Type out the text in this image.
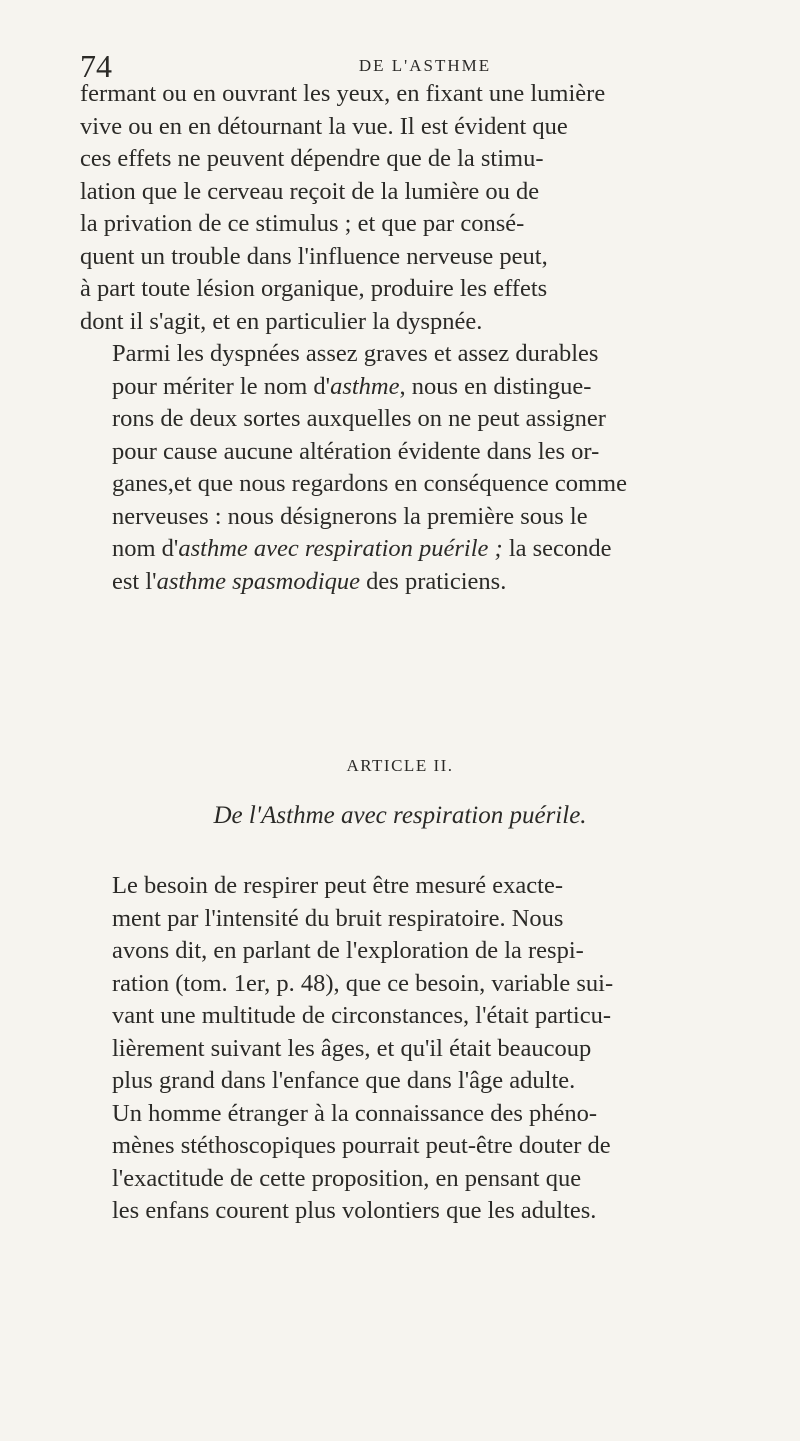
74	DE L'ASTHME

fermant ou en ouvrant les yeux, en fixant une lumière
vive ou en en détournant la vue. Il est évident que
ces effets ne peuvent dépendre que de la stimu-
lation que le cerveau reçoit de la lumière ou de
la privation de ce stimulus ; et que par consé-
quent un trouble dans l'influence nerveuse peut,
à part toute lésion organique, produire les effets
dont il s'agit, et en particulier la dyspnée.

Parmi les dyspnées assez graves et assez durables
pour mériter le nom d'asthme, nous en distingue-
rons de deux sortes auxquelles on ne peut assigner
pour cause aucune altération évidente dans les or-
ganes,et que nous regardons en conséquence comme
nerveuses : nous désignerons la première sous le
nom d'asthme avec respiration puérile ; la seconde
est l'asthme spasmodique des praticiens.

ARTICLE II.
De l'Asthme avec respiration puérile.

Le besoin de respirer peut être mesuré exacte-
ment par l'intensité du bruit respiratoire. Nous
avons dit, en parlant de l'exploration de la respi-
ration (tom. 1er, p. 48), que ce besoin, variable sui-
vant une multitude de circonstances, l'était particu-
lièrement suivant les âges, et qu'il était beaucoup
plus grand dans l'enfance que dans l'âge adulte.
Un homme étranger à la connaissance des phéno-
mènes stéthoscopiques pourrait peut-être douter de
l'exactitude de cette proposition, en pensant que
les enfans courent plus volontiers que les adultes.
